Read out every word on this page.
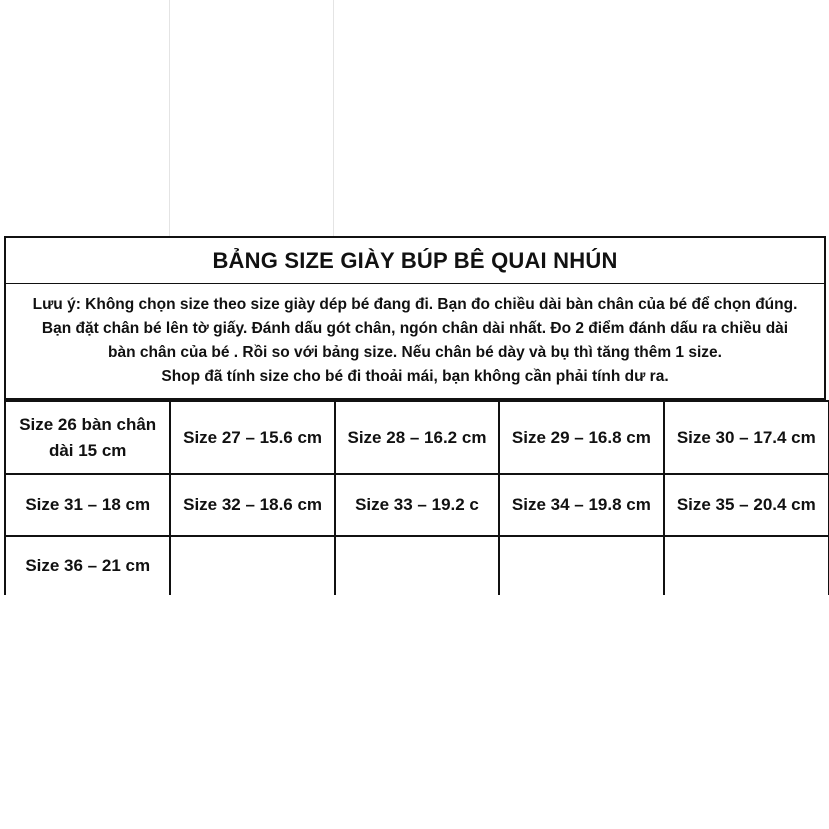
BẢNG SIZE GIÀY BÚP BÊ QUAI NHÚN
Lưu ý: Không chọn size theo size giày dép bé đang đi. Bạn đo chiều dài bàn chân của bé để chọn đúng.
Bạn đặt chân bé lên tờ giấy. Đánh dấu gót chân, ngón chân dài nhất. Đo 2 điểm đánh dấu ra chiều dài
bàn chân của bé . Rồi so với bảng size. Nếu chân bé dày và bụ thì tăng thêm 1 size.
Shop đã tính size cho bé đi thoải mái, bạn không cần phải tính dư ra.
Size 26 bàn chân dài 15 cm	Size 27 – 15.6 cm	Size 28 – 16.2 cm	Size 29 – 16.8 cm	Size 30 – 17.4 cm
Size 31 – 18 cm	Size 32 – 18.6 cm	Size 33 – 19.2 c	Size 34 – 19.8 cm	Size 35 – 20.4 cm
Size 36 – 21 cm				
